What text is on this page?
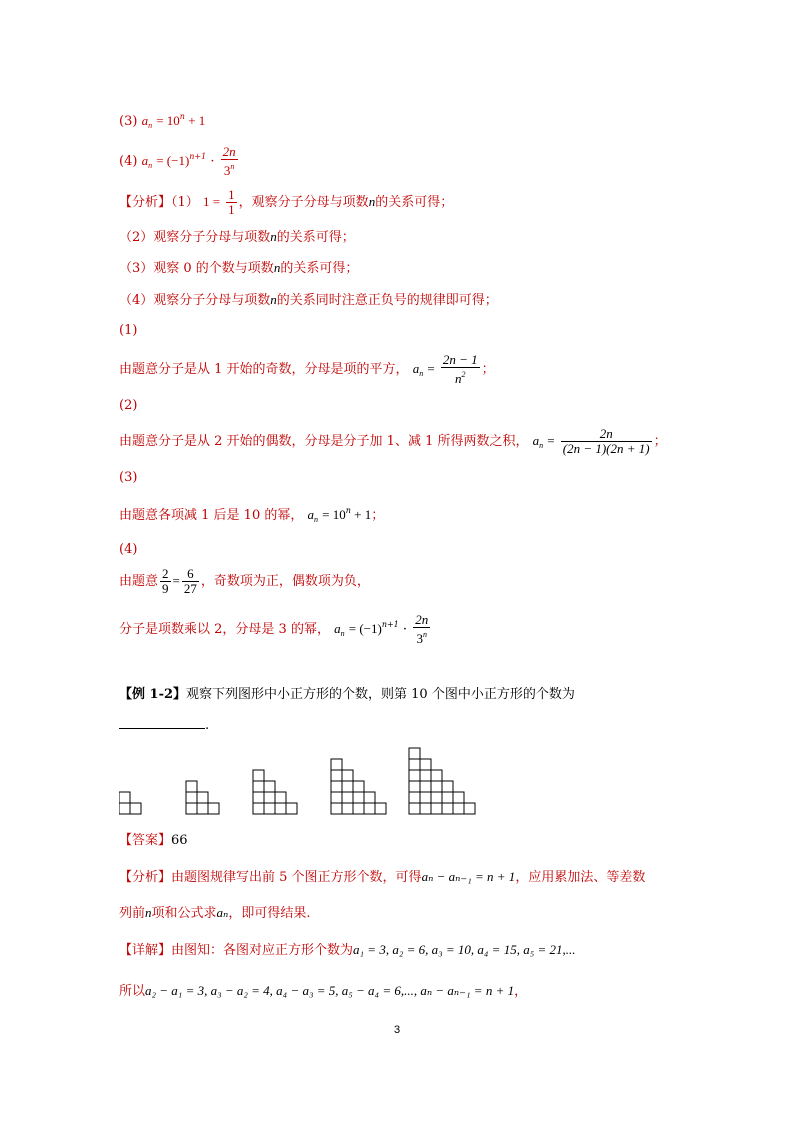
(3) $a_n = 10^n + 1$
(4) $a_n = (-1)^{n+1} \cdot \frac{2n}{3^n}$
【分析】（1） $1 = \frac{1}{1}$ ，观察分子分母与项数n的关系可得；
（2）观察分子分母与项数n的关系可得；
（3）观察 0 的个数与项数n的关系可得；
（4）观察分子分母与项数n的关系同时注意正负号的规律即可得；
(1)
由题意分子是从 1 开始的奇数，分母是项的平方， $a_n = \frac{2n - 1}{n^2}$ ；
(2)
由题意分子是从 2 开始的偶数，分母是分子加 1、减 1 所得两数之积， $a_n = \frac{2n}{(2n - 1)(2n + 1)}$ ；
(3)
由题意各项减 1 后是 10 的幂， $a_n = 10^n + 1$；
(4)
由题意 $\frac{2}{9} = \frac{6}{27}$ ，奇数项为正，偶数项为负，
分子是项数乘以 2，分母是 3 的幂， $a_n = (-1)^{n+1} \cdot \frac{2n}{3^n}$
【例 1-2】观察下列图形中小正方形的个数，则第 10 个图中小正方形的个数为
.
【答案】66
【分析】由题图规律写出前 5 个图正方形个数，可得aₙ − aₙ₋₁ = n + 1，应用累加法、等差数
列前n项和公式求aₙ，即可得结果.
【详解】由图知：各图对应正方形个数为a₁ = 3, a₂ = 6, a₃ = 10, a₄ = 15, a₅ = 21,...
所以a₂ − a₁ = 3, a₃ − a₂ = 4, a₄ − a₃ = 5, a₅ − a₄ = 6,..., aₙ − aₙ₋₁ = n + 1，
3
